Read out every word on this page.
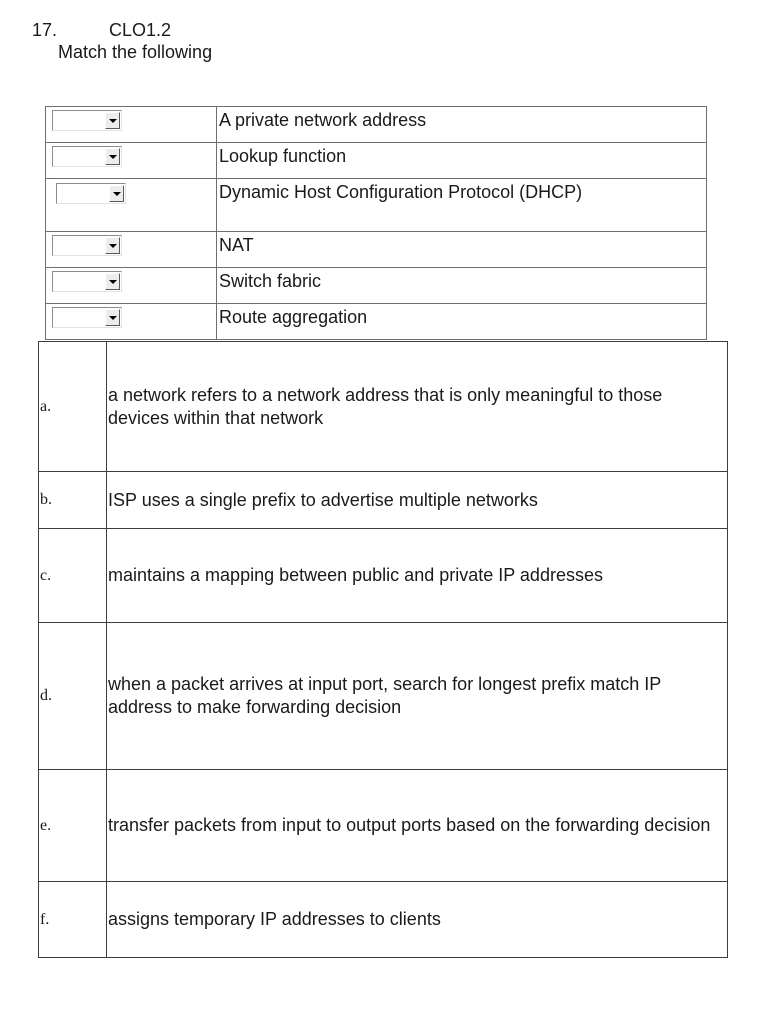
17.	CLO1.2
Match the following
	A private network address

	Lookup function

	Dynamic Host Configuration Protocol (DHCP)

	NAT

	Switch fabric

	Route aggregation
a.	a network refers to a network address that is only meaningful to those devices within that network
b.	ISP uses a single prefix to advertise multiple networks
c.	maintains a mapping between public and private IP addresses
d.	when a packet arrives at input port, search for longest prefix match IP address to make forwarding decision
e.	transfer packets from input to output ports based on the forwarding decision
f.	assigns temporary IP addresses to clients
